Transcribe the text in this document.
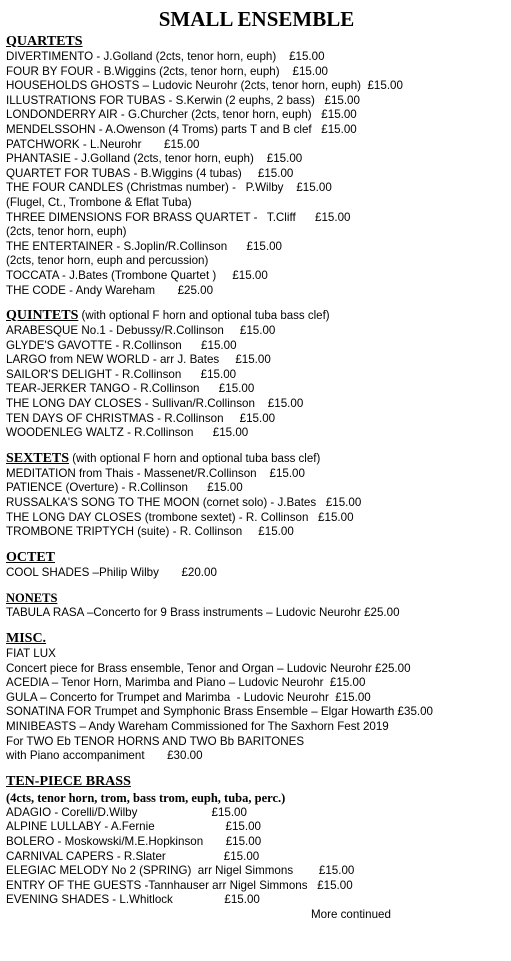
SMALL ENSEMBLE
QUARTETS
DIVERTIMENTO - J.Golland (2cts, tenor horn, euph)    £15.00
FOUR BY FOUR - B.Wiggins (2cts, tenor horn, euph)    £15.00
HOUSEHOLDS GHOSTS – Ludovic Neurohr (2cts, tenor horn, euph)  £15.00
ILLUSTRATIONS FOR TUBAS - S.Kerwin (2 euphs, 2 bass)   £15.00
LONDONDERRY AIR - G.Churcher (2cts, tenor horn, euph)   £15.00
MENDELSSOHN - A.Owenson (4 Troms) parts T and B clef   £15.00
PATCHWORK - L.Neurohr       £15.00
PHANTASIE - J.Golland (2cts, tenor horn, euph)    £15.00
QUARTET FOR TUBAS - B.Wiggins (4 tubas)     £15.00
THE FOUR CANDLES (Christmas number) -   P.Wilby    £15.00
(Flugel, Ct., Trombone & Eflat Tuba)
THREE DIMENSIONS FOR BRASS QUARTET -   T.Cliff      £15.00
(2cts, tenor horn, euph)
THE ENTERTAINER - S.Joplin/R.Collinson      £15.00
(2cts, tenor horn, euph and percussion)
TOCCATA - J.Bates (Trombone Quartet )     £15.00
THE CODE - Andy Wareham       £25.00
QUINTETS (with optional F horn and optional tuba bass clef)
ARABESQUE No.1 - Debussy/R.Collinson     £15.00
GLYDE'S GAVOTTE - R.Collinson      £15.00
LARGO from NEW WORLD - arr J. Bates     £15.00
SAILOR'S DELIGHT - R.Collinson      £15.00
TEAR-JERKER TANGO - R.Collinson      £15.00
THE LONG DAY CLOSES - Sullivan/R.Collinson    £15.00
TEN DAYS OF CHRISTMAS - R.Collinson     £15.00
WOODENLEG WALTZ - R.Collinson      £15.00
SEXTETS (with optional F horn and optional tuba bass clef)
MEDITATION from Thais - Massenet/R.Collinson    £15.00
PATIENCE (Overture) - R.Collinson      £15.00
RUSSALKA'S SONG TO THE MOON (cornet solo) - J.Bates   £15.00
THE LONG DAY CLOSES (trombone sextet) - R. Collinson   £15.00
TROMBONE TRIPTYCH (suite) - R. Collinson     £15.00
OCTET
COOL SHADES –Philip Wilby       £20.00
NONETS
TABULA RASA –Concerto for 9 Brass instruments – Ludovic Neurohr £25.00
MISC.
FIAT LUX
Concert piece for Brass ensemble, Tenor and Organ – Ludovic Neurohr £25.00
ACEDIA – Tenor Horn, Marimba and Piano – Ludovic Neurohr  £15.00
GULA – Concerto for Trumpet and Marimba  - Ludovic Neurohr  £15.00
SONATINA FOR Trumpet and Symphonic Brass Ensemble – Elgar Howarth £35.00
MINIBEASTS – Andy Wareham Commissioned for The Saxhorn Fest 2019
For TWO Eb TENOR HORNS AND TWO Bb BARITONES
with Piano accompaniment       £30.00
TEN-PIECE BRASS
(4cts, tenor horn, trom, bass trom, euph, tuba, perc.)
ADAGIO - Corelli/D.Wilby                       £15.00
ALPINE LULLABY - A.Fernie                      £15.00
BOLERO - Moskowski/M.E.Hopkinson       £15.00
CARNIVAL CAPERS - R.Slater                  £15.00
ELEGIAC MELODY No 2 (SPRING)  arr Nigel Simmons        £15.00
ENTRY OF THE GUESTS -Tannhauser arr Nigel Simmons   £15.00
EVENING SHADES - L.Whitlock                £15.00
More continued
